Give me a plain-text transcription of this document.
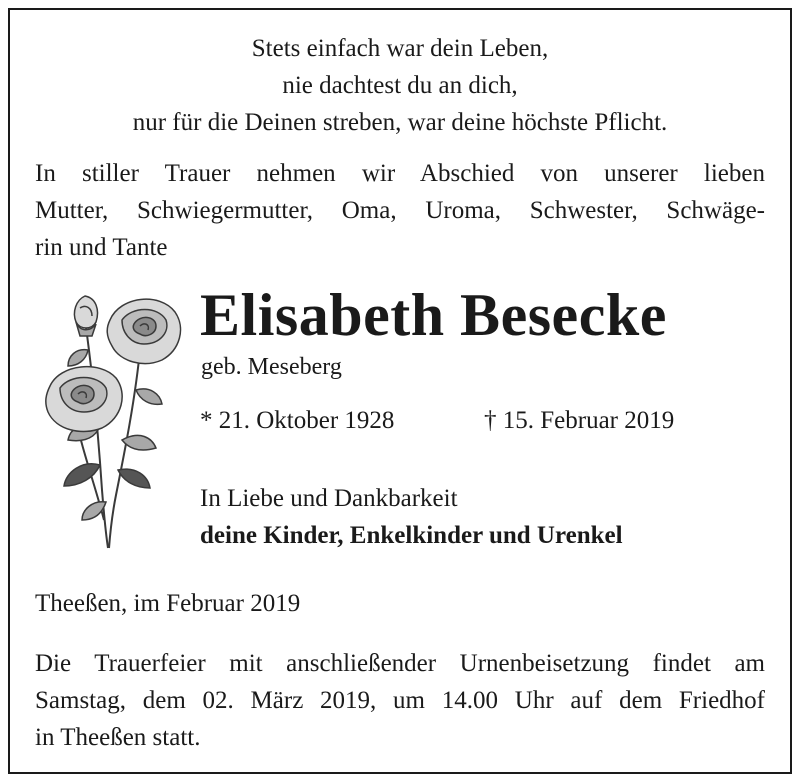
Stets einfach war dein Leben,
nie dachtest du an dich,
nur für die Deinen streben, war deine höchste Pflicht.
In stiller Trauer nehmen wir Abschied von unserer lieben
Mutter, Schwiegermutter, Oma, Uroma, Schwester, Schwäge-
rin und Tante
Elisabeth Besecke
geb. Meseberg
* 21. Oktober 1928	† 15. Februar 2019
In Liebe und Dankbarkeit
deine Kinder, Enkelkinder und Urenkel
Theeßen, im Februar 2019
Die Trauerfeier mit anschließender Urnenbeisetzung findet am
Samstag, dem 02. März 2019, um 14.00 Uhr auf dem Friedhof
in Theeßen statt.
